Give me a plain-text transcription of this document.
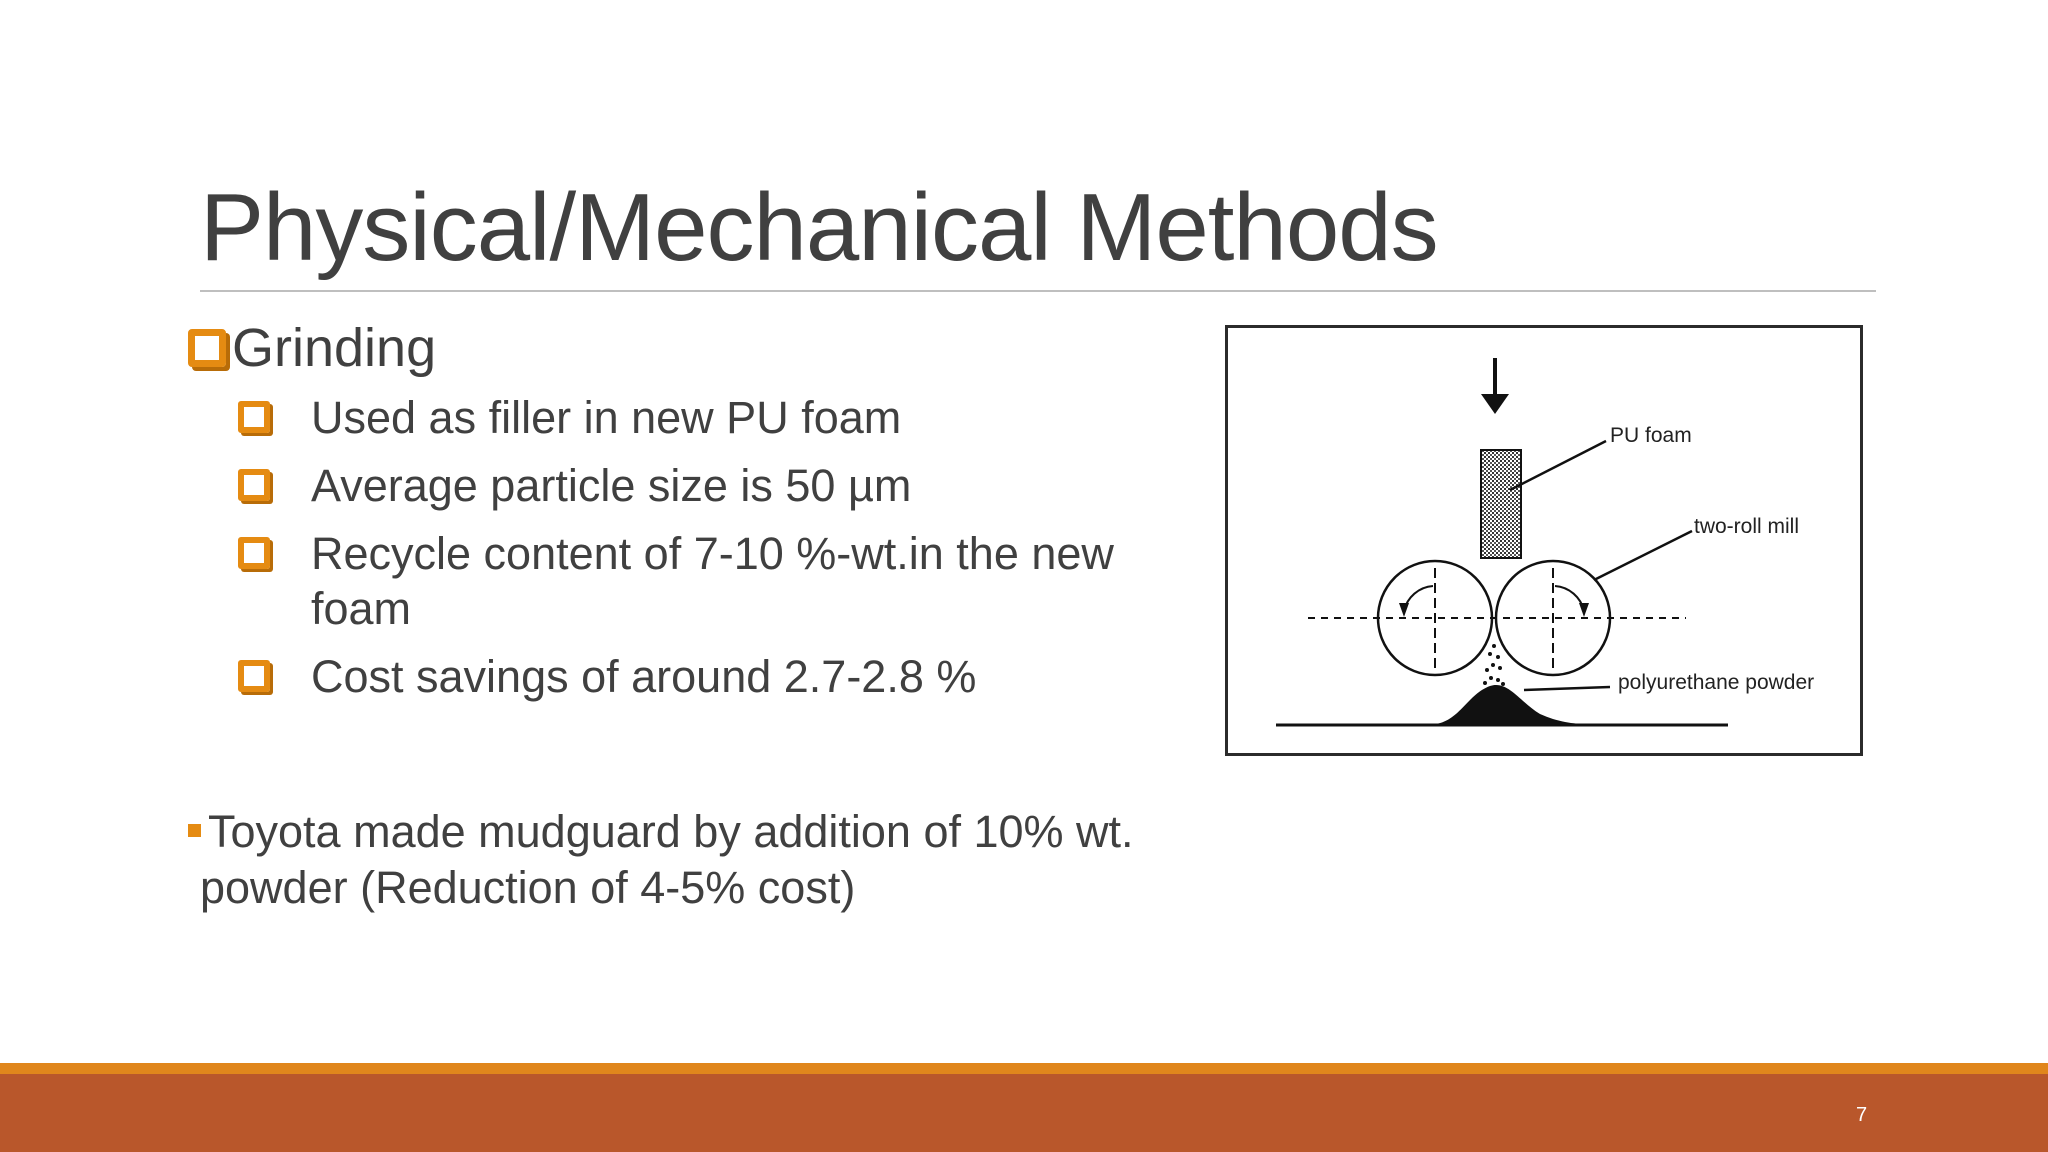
Physical/Mechanical Methods
Grinding
Used as filler in new PU foam
Average particle size is 50 µm
Recycle content of 7-10 %-wt.in the new
foam
Cost savings of around 2.7-2.8 %
Toyota made mudguard by addition of 10% wt.
powder (Reduction of 4-5% cost)
PU foam
two-roll mill
polyurethane powder
7
